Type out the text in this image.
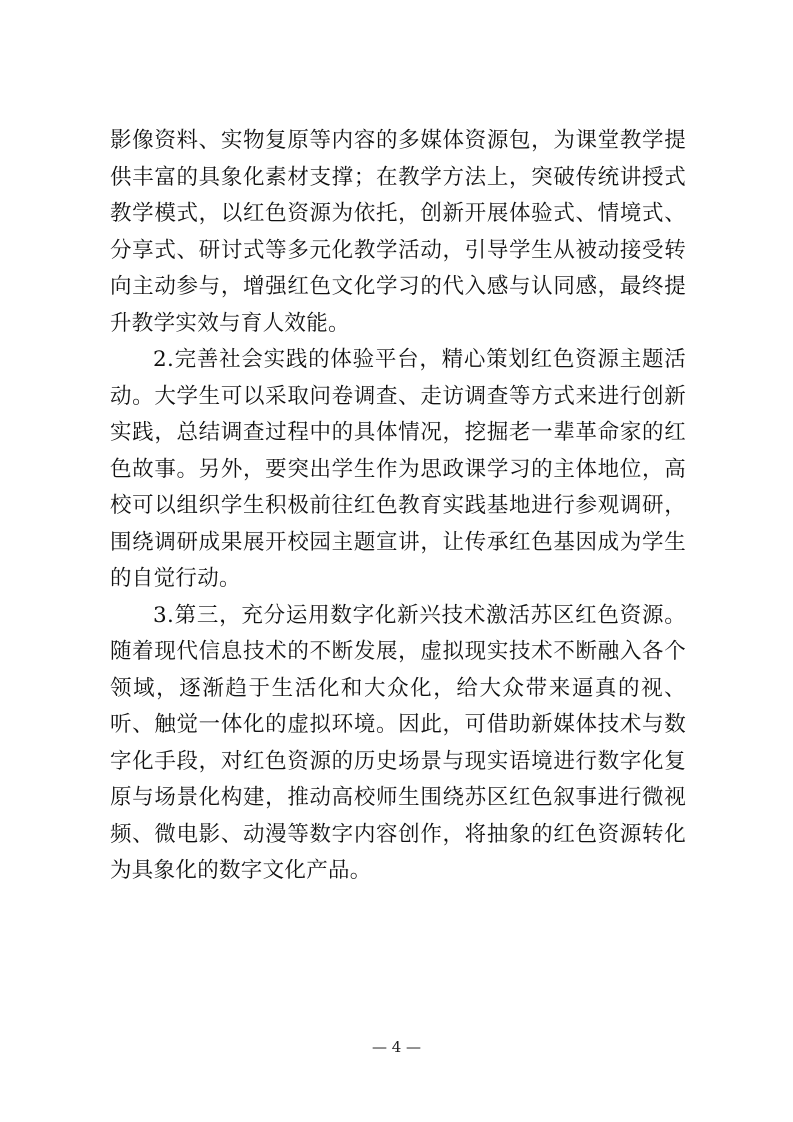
影像资料、实物复原等内容的多媒体资源包，为课堂教学提供丰富的具象化素材支撑；在教学方法上，突破传统讲授式教学模式，以红色资源为依托，创新开展体验式、情境式、分享式、研讨式等多元化教学活动，引导学生从被动接受转向主动参与，增强红色文化学习的代入感与认同感，最终提升教学实效与育人效能。

2.完善社会实践的体验平台，精心策划红色资源主题活动。大学生可以采取问卷调查、走访调查等方式来进行创新实践，总结调查过程中的具体情况，挖掘老一辈革命家的红色故事。另外，要突出学生作为思政课学习的主体地位，高校可以组织学生积极前往红色教育实践基地进行参观调研，围绕调研成果展开校园主题宣讲，让传承红色基因成为学生的自觉行动。

3.第三，充分运用数字化新兴技术激活苏区红色资源。随着现代信息技术的不断发展，虚拟现实技术不断融入各个领域，逐渐趋于生活化和大众化，给大众带来逼真的视、听、触觉一体化的虚拟环境。因此，可借助新媒体技术与数字化手段，对红色资源的历史场景与现实语境进行数字化复原与场景化构建，推动高校师生围绕苏区红色叙事进行微视频、微电影、动漫等数字内容创作，将抽象的红色资源转化为具象化的数字文化产品。

— 4 —
